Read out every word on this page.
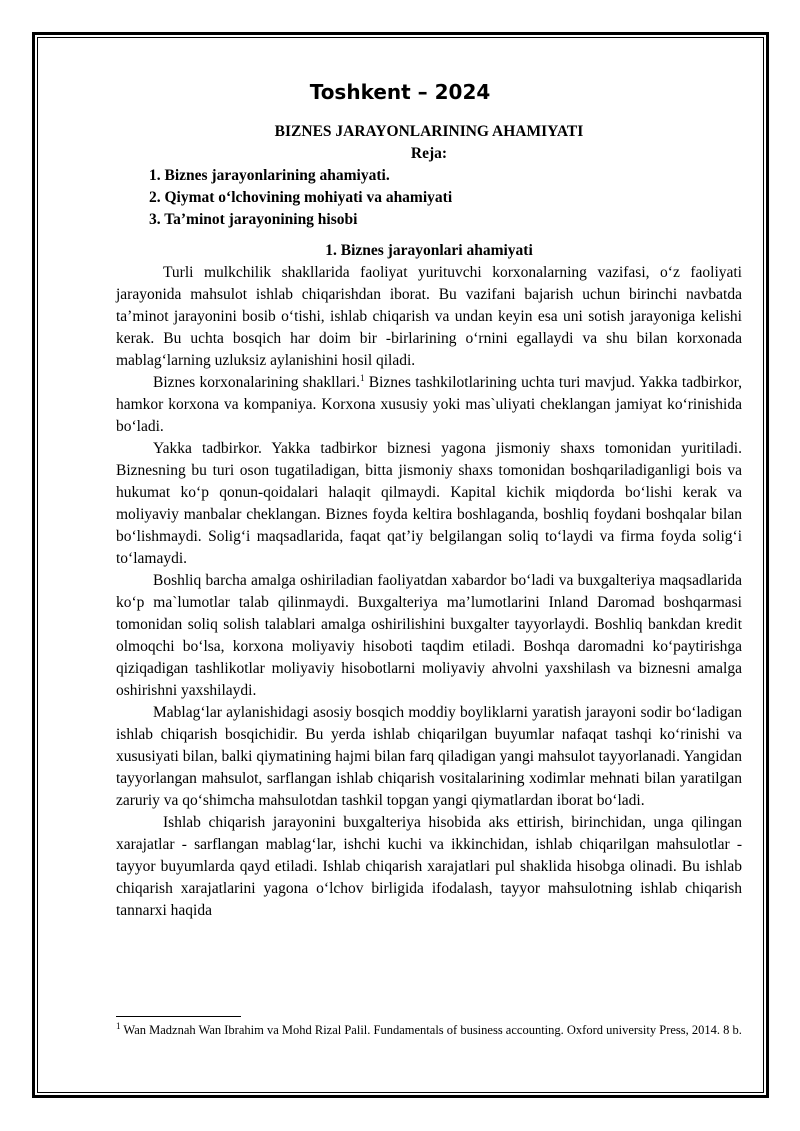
Toshkent – 2024

BIZNES JARAYONLARINING AHAMIYATI

Reja:

1. Biznes jarayonlarining ahamiyati.
2. Qiymat o‘lchovining mohiyati va ahamiyati
3. Ta’minot jarayonining hisobi

1. Biznes jarayonlari ahamiyati

Turli mulkchilik shakllarida faoliyat yurituvchi korxonalarning vazifasi, o‘z faoliyati jarayonida mahsulot ishlab chiqarishdan iborat. Bu vazifani bajarish uchun birinchi navbatda ta’minot jarayonini bosib o‘tishi, ishlab chiqarish va undan keyin esa uni sotish jarayoniga kelishi kerak. Bu uchta bosqich har doim bir -birlarining o‘rnini egallaydi va shu bilan korxonada mablag‘larning uzluksiz aylanishini hosil qiladi.

Biznes korxonalarining shakllari.$^1$ Biznes tashkilotlarining uchta turi mavjud. Yakka tadbirkor, hamkor korxona va kompaniya. Korxona xususiy yoki mas`uliyati cheklangan jamiyat ko‘rinishida bo‘ladi.

Yakka tadbirkor. Yakka tadbirkor biznesi yagona jismoniy shaxs tomonidan yuritiladi. Biznesning bu turi oson tugatiladigan, bitta jismoniy shaxs tomonidan boshqariladiganligi bois va hukumat ko‘p qonun-qoidalari halaqit qilmaydi. Kapital kichik miqdorda bo‘lishi kerak va moliyaviy manbalar cheklangan. Biznes foyda keltira boshlaganda, boshliq foydani boshqalar bilan bo‘lishmaydi. Solig‘i maqsadlarida, faqat qat’iy belgilangan soliq to‘laydi va firma foyda solig‘i to‘lamaydi.

Boshliq barcha amalga oshiriladian faoliyatdan xabardor bo‘ladi va buxgalteriya maqsadlarida ko‘p ma`lumotlar talab qilinmaydi. Buxgalteriya ma’lumotlarini Inland Daromad boshqarmasi tomonidan soliq solish talablari amalga oshirilishini buxgalter tayyorlaydi. Boshliq bankdan kredit olmoqchi bo‘lsa, korxona moliyaviy hisoboti taqdim etiladi. Boshqa daromadni ko‘paytirishga qiziqadigan tashlikotlar moliyaviy hisobotlarni moliyaviy ahvolni yaxshilash va biznesni amalga oshirishni yaxshilaydi.

Mablag‘lar aylanishidagi asosiy bosqich moddiy boyliklarni yaratish jarayoni sodir bo‘ladigan ishlab chiqarish bosqichidir. Bu yerda ishlab chiqarilgan buyumlar nafaqat tashqi ko‘rinishi va xususiyati bilan, balki qiymatining hajmi bilan farq qiladigan yangi mahsulot tayyorlanadi. Yangidan tayyorlangan mahsulot, sarflangan ishlab chiqarish vositalarining xodimlar mehnati bilan yaratilgan zaruriy va qo‘shimcha mahsulotdan tashkil topgan yangi qiymatlardan iborat bo‘ladi.

Ishlab chiqarish jarayonini buxgalteriya hisobida aks ettirish, birinchidan, unga qilingan xarajatlar - sarflangan mablag‘lar, ishchi kuchi va ikkinchidan, ishlab chiqarilgan mahsulotlar - tayyor buyumlarda qayd etiladi. Ishlab chiqarish xarajatlari pul shaklida hisobga olinadi. Bu ishlab chiqarish xarajatlarini yagona o‘lchov birligida ifodalash, tayyor mahsulotning ishlab chiqarish tannarxi haqida

$^1$ Wan Madznah Wan Ibrahim va Mohd Rizal Palil. Fundamentals of business accounting. Oxford university Press, 2014. 8 b.
